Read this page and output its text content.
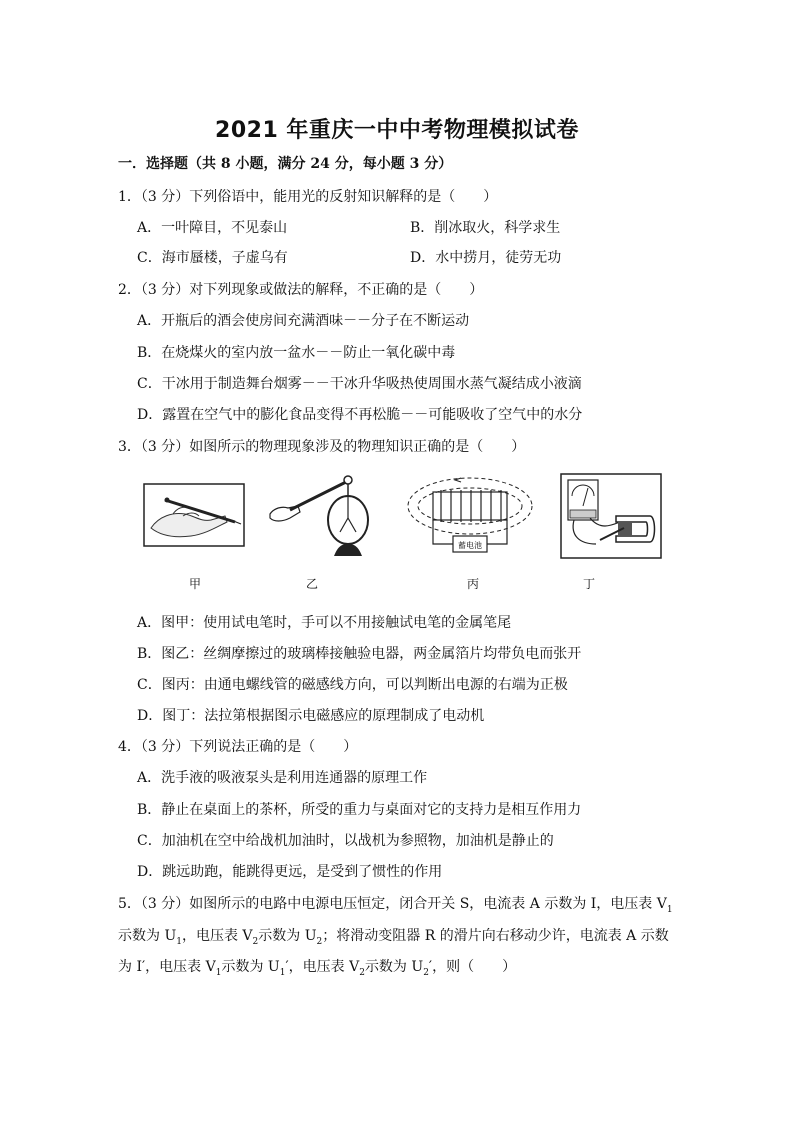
2021 年重庆一中中考物理模拟试卷
一．选择题（共 8 小题，满分 24 分，每小题 3 分）
1．（3 分）下列俗语中，能用光的反射知识解释的是（　　）
A．一叶障目，不见泰山	B．削冰取火，科学求生
C．海市蜃楼，子虚乌有	D．水中捞月，徒劳无功
2．（3 分）对下列现象或做法的解释，不正确的是（　　）
A．开瓶后的酒会使房间充满酒味－－分子在不断运动
B．在烧煤火的室内放一盆水－－防止一氧化碳中毒
C．干冰用于制造舞台烟雾－－干冰升华吸热使周围水蒸气凝结成小液滴
D．露置在空气中的膨化食品变得不再松脆－－可能吸收了空气中的水分
3．（3 分）如图所示的物理现象涉及的物理知识正确的是（　　）
蓄电池
甲	乙	丙	丁
A．图甲：使用试电笔时，手可以不用接触试电笔的金属笔尾
B．图乙：丝绸摩擦过的玻璃棒接触验电器，两金属箔片均带负电而张开
C．图丙：由通电螺线管的磁感线方向，可以判断出电源的右端为正极
D．图丁：法拉第根据图示电磁感应的原理制成了电动机
4．（3 分）下列说法正确的是（　　）
A．洗手液的吸液泵头是利用连通器的原理工作
B．静止在桌面上的茶杯，所受的重力与桌面对它的支持力是相互作用力
C．加油机在空中给战机加油时，以战机为参照物，加油机是静止的
D．跳远助跑，能跳得更远，是受到了惯性的作用
5．（3 分）如图所示的电路中电源电压恒定，闭合开关 S，电流表 A 示数为 I，电压表 $V_1$
示数为 $U_1$，电压表 $V_2$示数为 $U_2$；将滑动变阻器 R 的滑片向右移动少许，电流表 A 示数
为 I′，电压表 $V_1$示数为 $U_1'$，电压表 $V_2$示数为 $U_2'$，则（　　）
